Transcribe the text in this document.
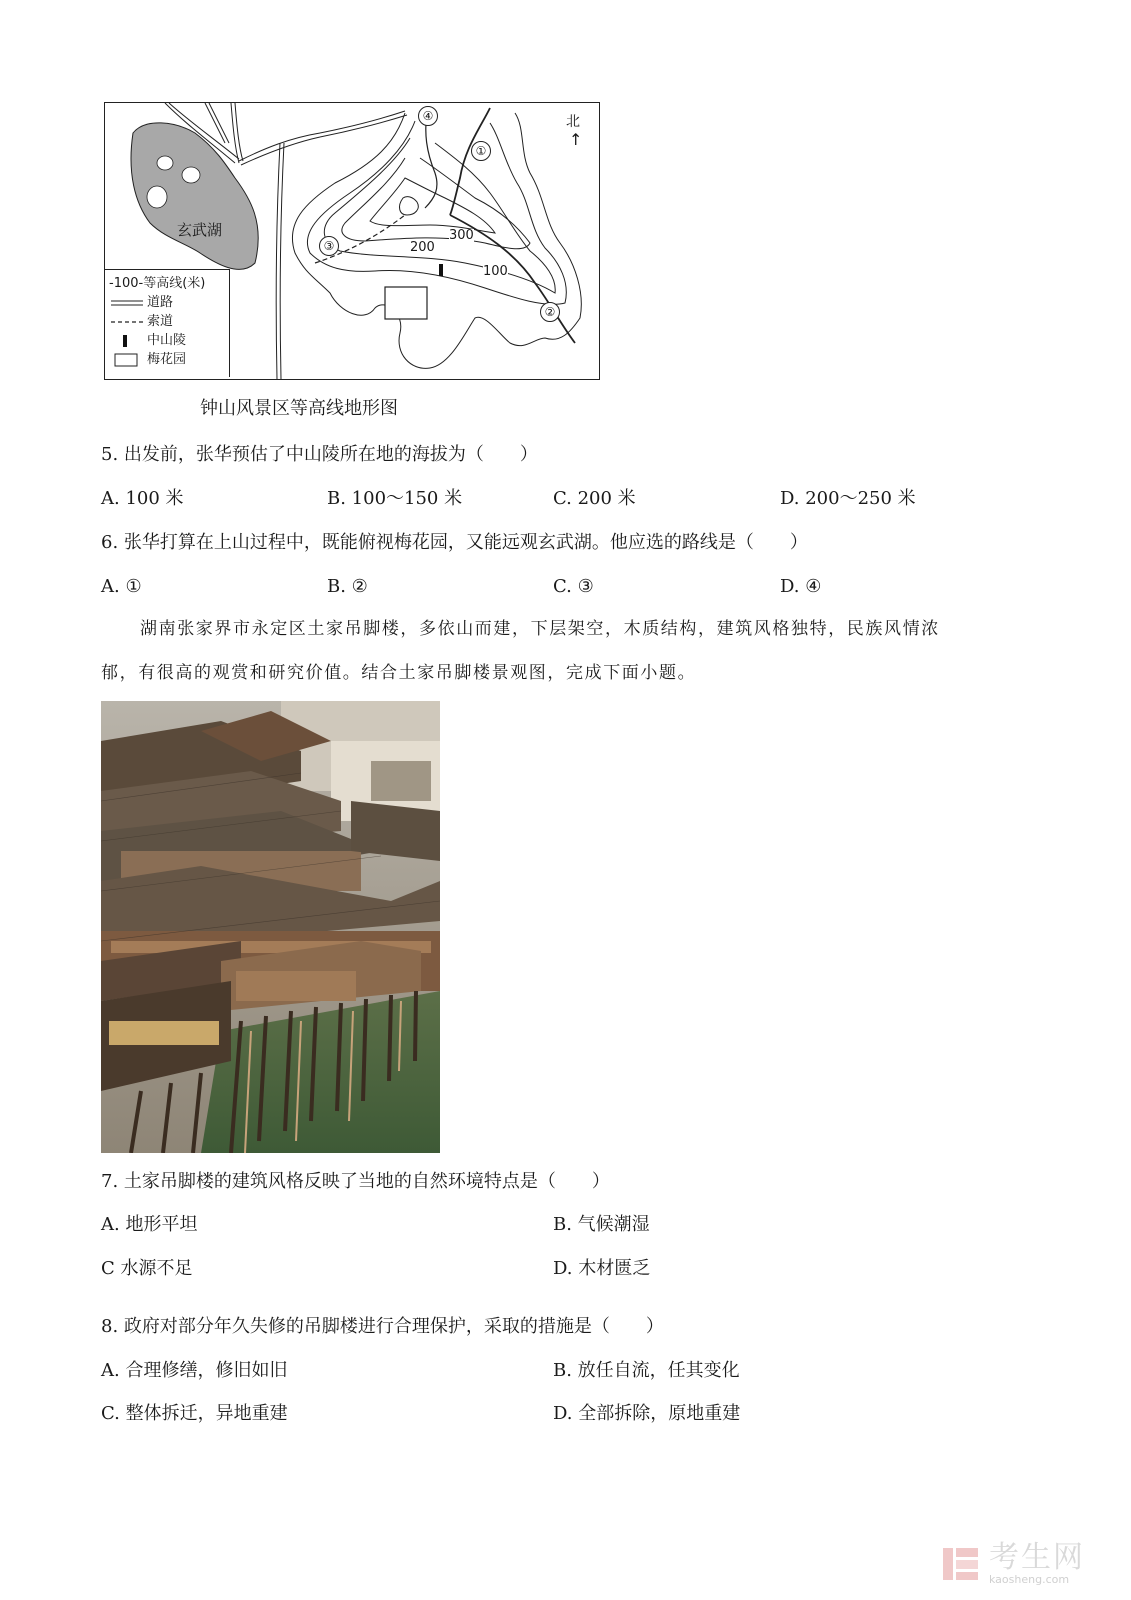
玄武湖
北
↑
300
200
100
④
①
③
②
-100-等高线(米)
道路
索道
中山陵
梅花园
钟山风景区等高线地形图
5. 出发前，张华预估了中山陵所在地的海拔为（　　）
A. 100 米	B. 100～150 米	C. 200 米	D. 200～250 米
6. 张华打算在上山过程中，既能俯视梅花园，又能远观玄武湖。他应选的路线是（　　）
A. ①	B. ②	C. ③	D. ④
湖南张家界市永定区土家吊脚楼，多依山而建，下层架空，木质结构，建筑风格独特，民族风情浓
郁，有很高的观赏和研究价值。结合土家吊脚楼景观图，完成下面小题。
7. 土家吊脚楼的建筑风格反映了当地的自然环境特点是（　　）
A. 地形平坦	B. 气候潮湿
C 水源不足	D. 木材匮乏
8. 政府对部分年久失修的吊脚楼进行合理保护，采取的措施是（　　）
A. 合理修缮，修旧如旧	B. 放任自流，任其变化
C. 整体拆迁，异地重建	D. 全部拆除，原地重建
考生网
kaosheng.com
